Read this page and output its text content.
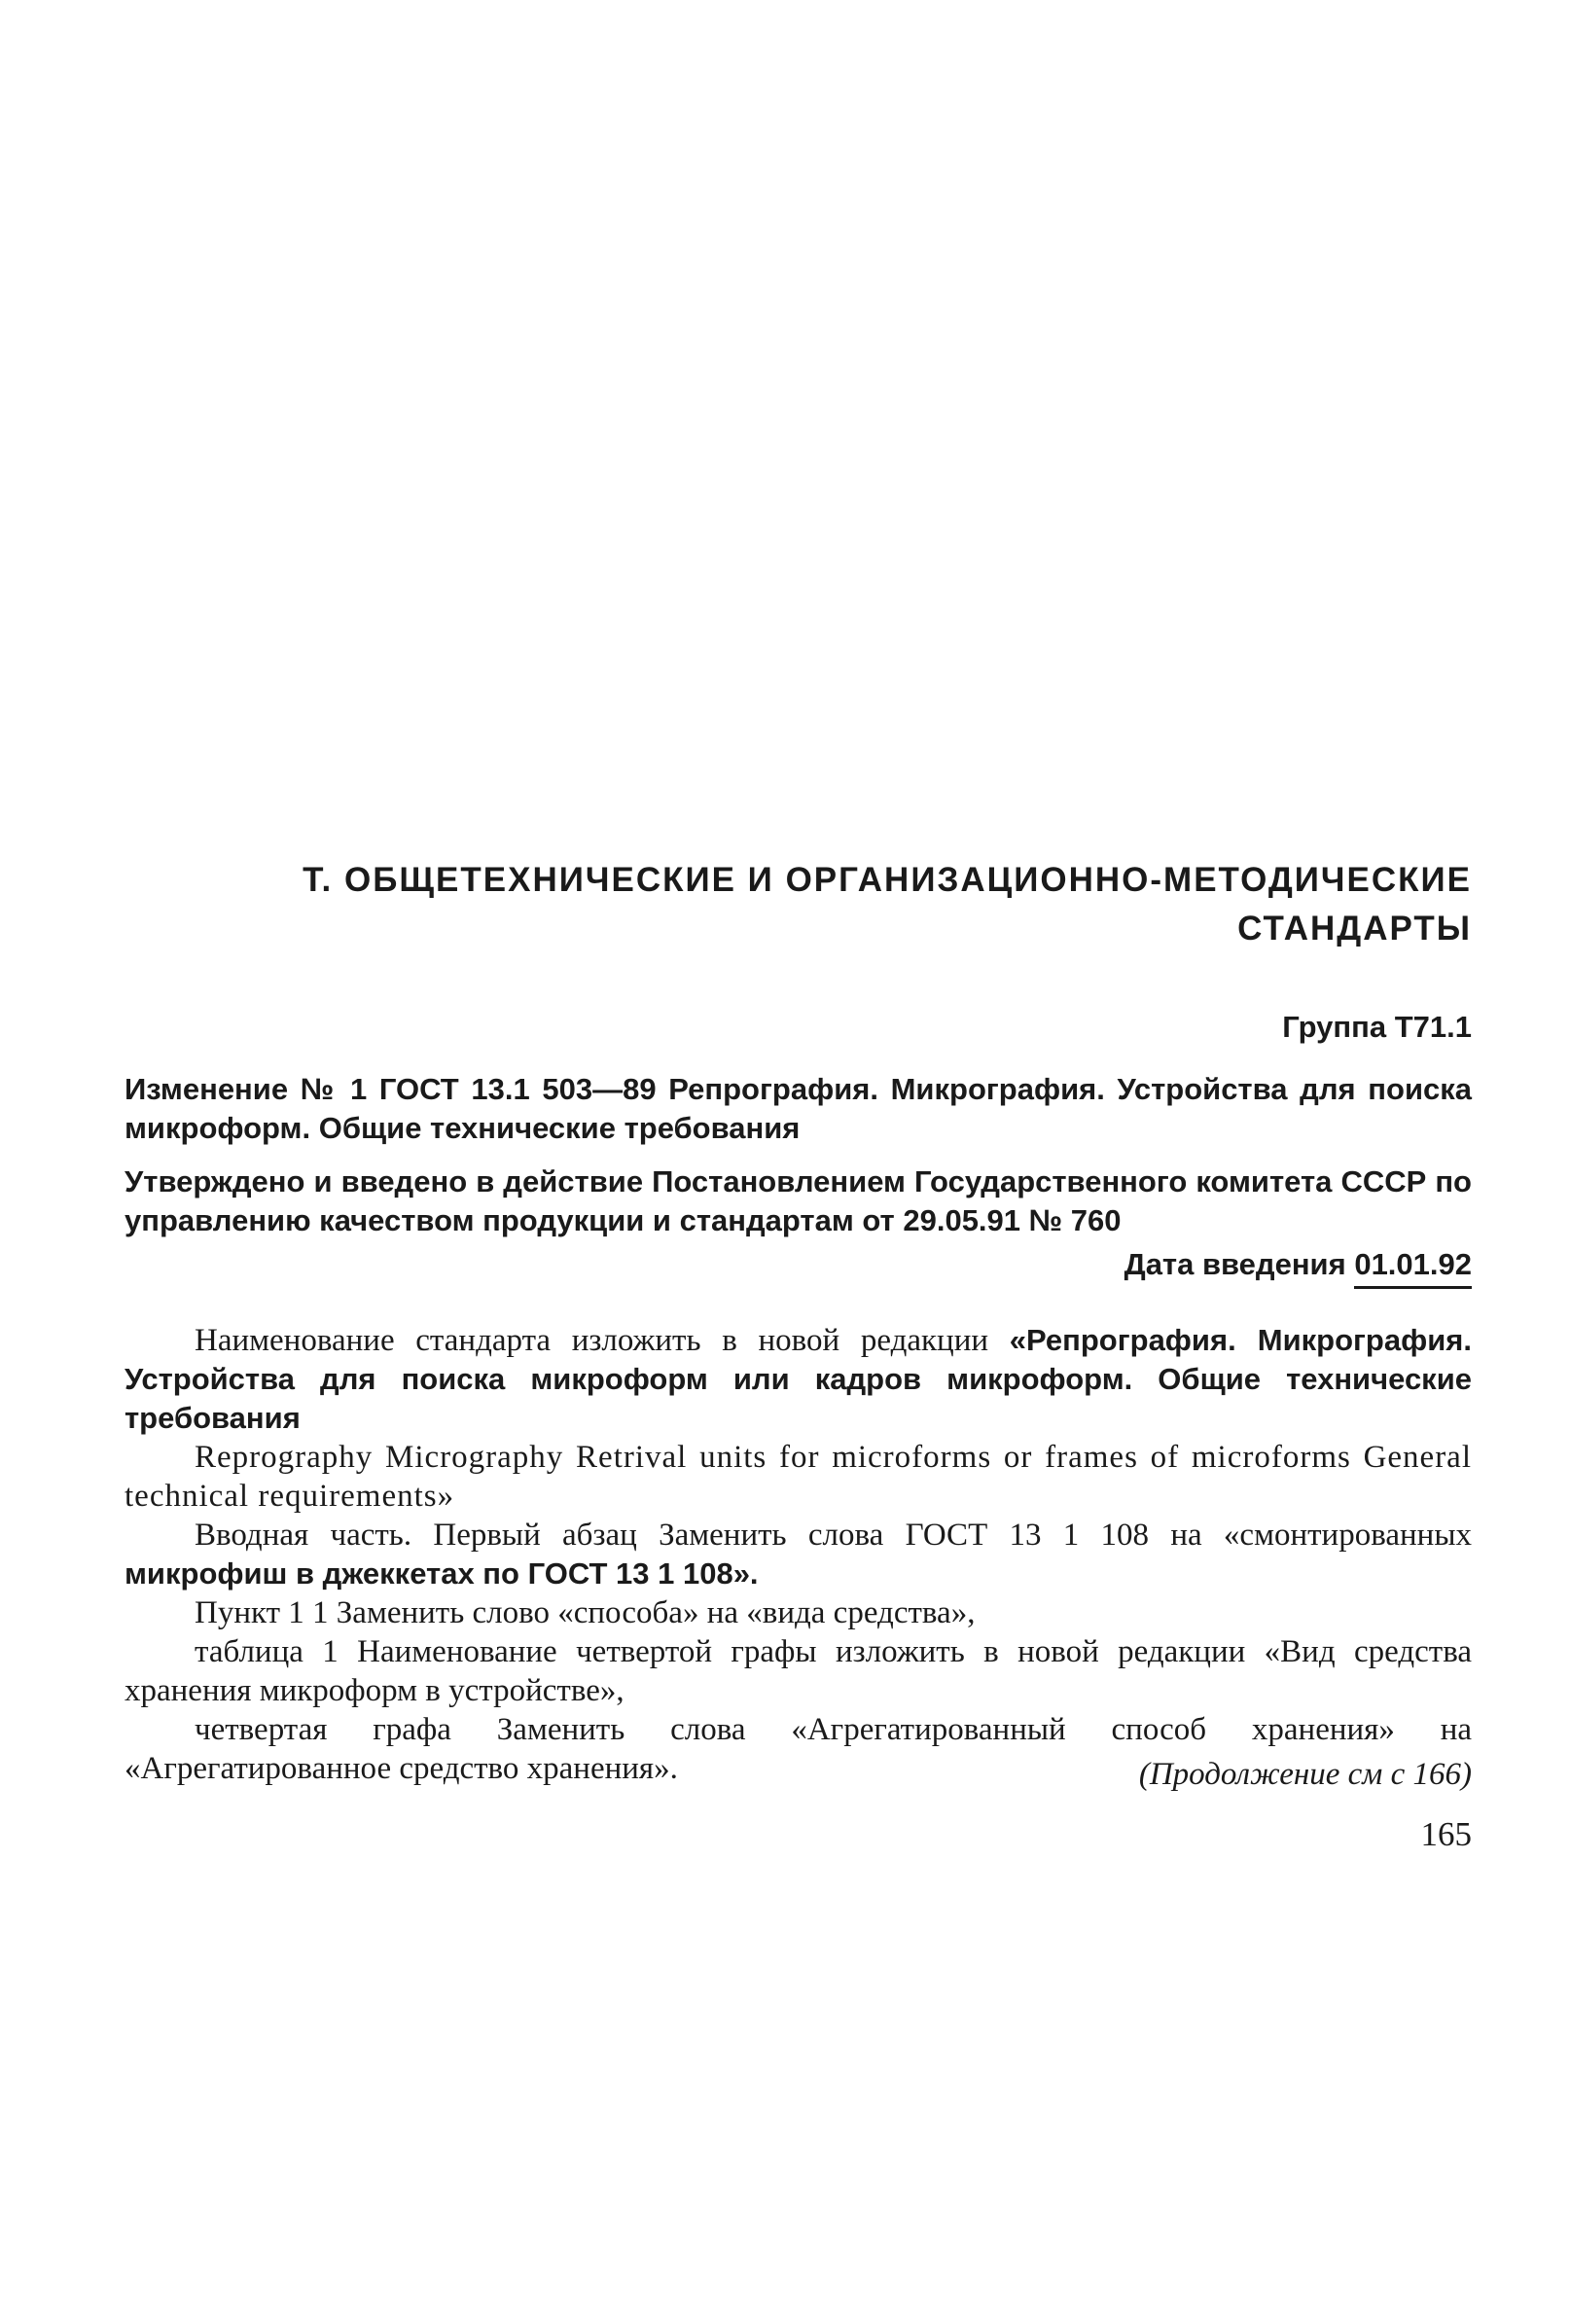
Т. ОБЩЕТЕХНИЧЕСКИЕ И ОРГАНИЗАЦИОННО-МЕТОДИЧЕСКИЕ
СТАНДАРТЫ
Группа Т71.1
Изменение № 1 ГОСТ 13.1 503—89 Репрография. Микрография. Устройства для поиска микроформ. Общие технические требования
Утверждено и введено в действие Постановлением Государственного комитета СССР по управлению качеством продукции и стандартам от 29.05.91 № 760
Дата введения 01.01.92

Наименование стандарта изложить в новой редакции «Репрография. Микрография. Устройства для поиска микроформ или кадров микроформ. Общие технические требования

Reprography Micrography Retrival units for microforms or frames of microforms General technical requirements»

Вводная часть. Первый абзац Заменить слова ГОСТ 13 1 108 на «смонтированных микрофиш в джеккетах по ГОСТ 13 1 108».

Пункт 1 1 Заменить слово «способа» на «вида средства»,

таблица 1 Наименование четвертой графы изложить в новой редакции «Вид средства хранения микроформ в устройстве»,

четвертая графа Заменить слова «Агрегатированный способ хранения» на «Агрегатированное средство хранения».	(Продолжение см с 166)
165
